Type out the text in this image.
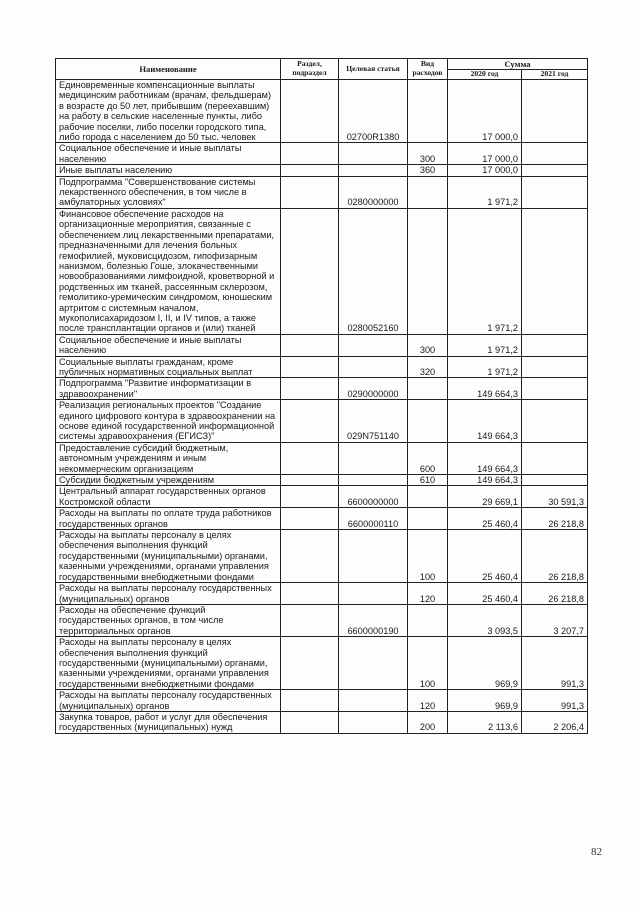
Наименование	Раздел, подраздел	Целевая статья	Вид расходов	Сумма	
				2020 год	2021 год
Единовременные компенсационные выплаты медицинским работникам (врачам, фельдшерам) в возрасте до 50 лет, прибывшим (переехавшим) на работу в сельские населенные пункты, либо рабочие поселки, либо поселки городского типа, либо города с населением до 50 тыс. человек		02700R1380		17 000,0	
Социальное обеспечение и иные выплаты населению			300	17 000,0	
Иные выплаты населению			360	17 000,0	
Подпрограмма "Совершенствование системы лекарственного обеспечения, в том числе в амбулаторных условиях"		0280000000		1 971,2	
Финансовое обеспечение расходов на организационные мероприятия, связанные с обеспечением лиц лекарственными препаратами, предназначенными для лечения больных гемофилией, муковисцидозом, гипофизарным нанизмом, болезнью Гоше, злокачественными новообразованиями лимфоидной, кроветворной и родственных им тканей, рассеянным склерозом, гемолитико-уремическим синдромом, юношеским артритом с системным началом, мукополисахаридозом I, II, и IV типов, а также после трансплантации органов и (или) тканей		0280052160		1 971,2	
Социальное обеспечение и иные выплаты населению			300	1 971,2	
Социальные выплаты гражданам, кроме публичных нормативных социальных выплат			320	1 971,2	
Подпрограмма "Развитие информатизации в здравоохранении"		0290000000		149 664,3	
Реализация региональных проектов "Создание единого цифрового контура в здравоохранении на основе единой государственной информационной системы здравоохранения (ЕГИСЗ)"		029N751140		149 664,3	
Предоставление субсидий бюджетным, автономным учреждениям и иным некоммерческим организациям			600	149 664,3	
Субсидии бюджетным учреждениям			610	149 664,3	
Центральный аппарат государственных органов Костромской области		6600000000		29 669,1	30 591,3
Расходы на выплаты по оплате труда работников государственных органов		6600000110		25 460,4	26 218,8
Расходы на выплаты персоналу в целях обеспечения выполнения функций государственными (муниципальными) органами, казенными учреждениями, органами управления государственными внебюджетными фондами			100	25 460,4	26 218,8
Расходы на выплаты персоналу государственных (муниципальных) органов			120	25 460,4	26 218,8
Расходы на обеспечение функций государственных органов, в том числе территориальных органов		6600000190		3 093,5	3 207,7
Расходы на выплаты персоналу в целях обеспечения выполнения функций государственными (муниципальными) органами, казенными учреждениями, органами управления государственными внебюджетными фондами			100	969,9	991,3
Расходы на выплаты персоналу государственных (муниципальных) органов			120	969,9	991,3
Закупка товаров, работ и услуг для обеспечения государственных (муниципальных) нужд			200	2 113,6	2 206,4
82
